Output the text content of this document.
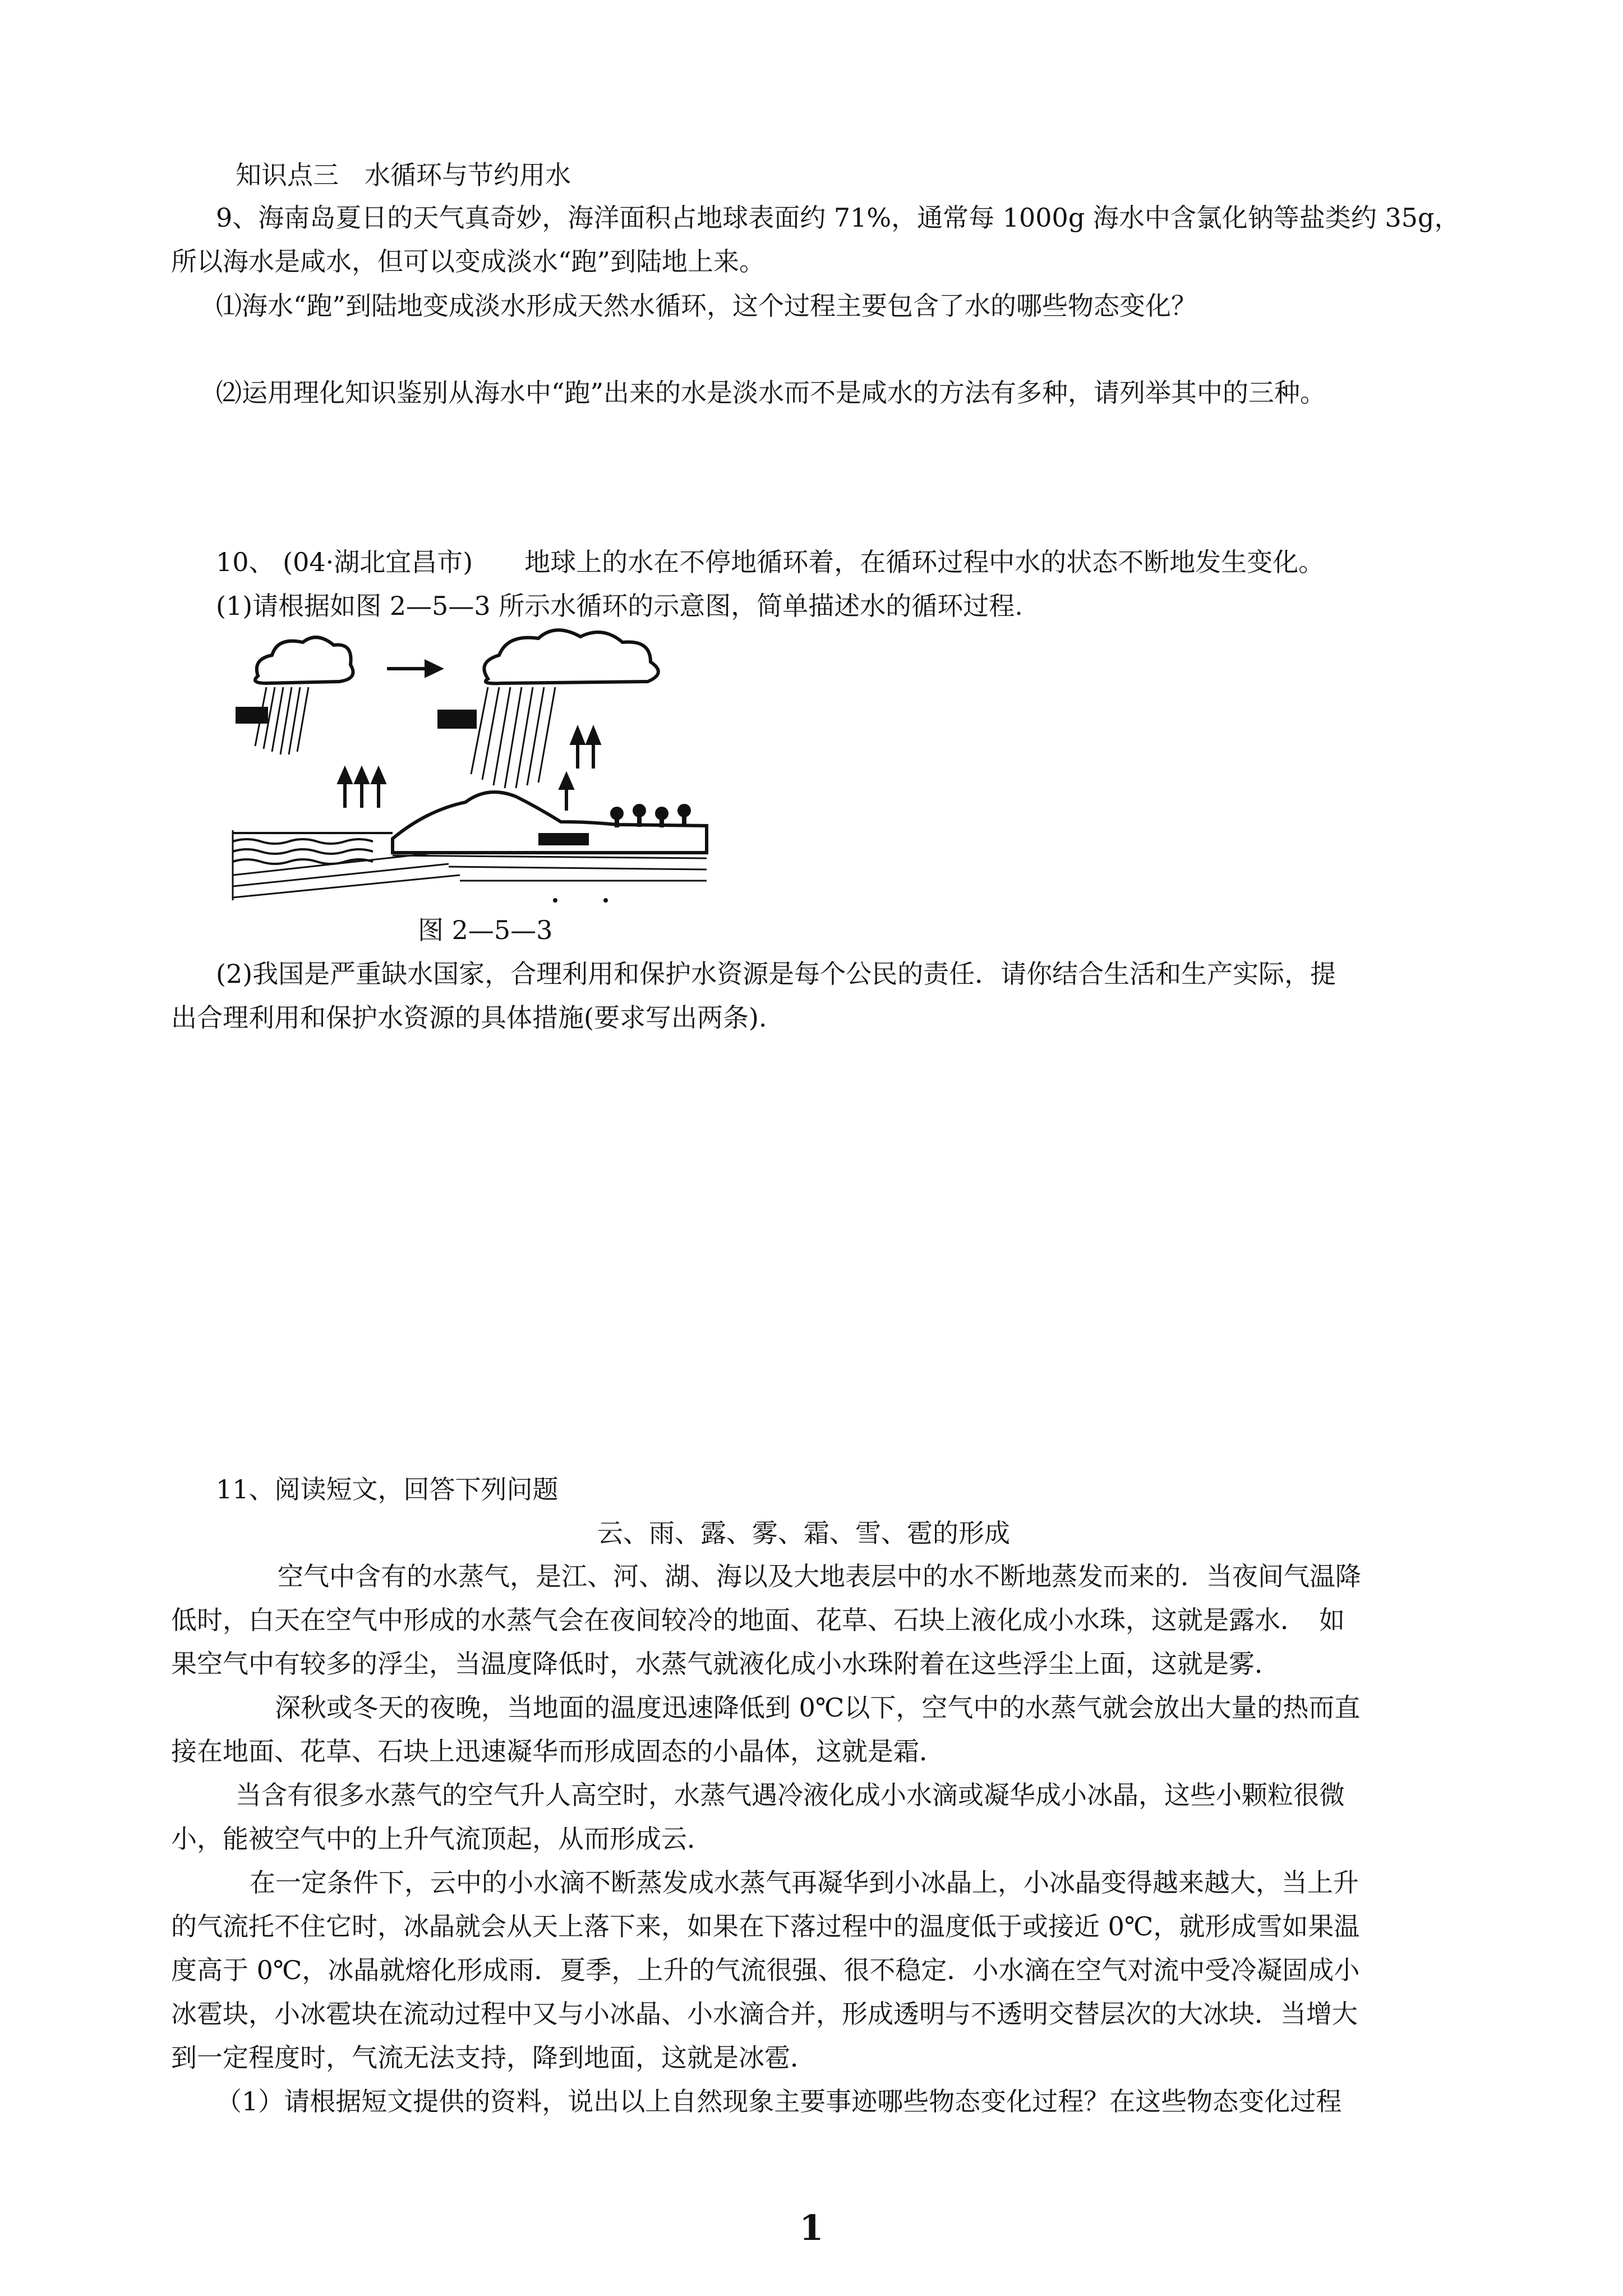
知识点三　水循环与节约用水
9、海南岛夏日的天气真奇妙，海洋面积占地球表面约 71%，通常每 1000g 海水中含氯化钠等盐类约 35g，
所以海水是咸水，但可以变成淡水“跑”到陆地上来。
⑴海水“跑”到陆地变成淡水形成天然水循环，这个过程主要包含了水的哪些物态变化？
⑵运用理化知识鉴别从海水中“跑”出来的水是淡水而不是咸水的方法有多种，请列举其中的三种。
10、 (04·湖北宜昌市)　　地球上的水在不停地循环着，在循环过程中水的状态不断地发生变化。
(1)请根据如图 2—5—3 所示水循环的示意图，简单描述水的循环过程.
图 2—5—3
(2)我国是严重缺水国家，合理利用和保护水资源是每个公民的责任．请你结合生活和生产实际，提
出合理利用和保护水资源的具体措施(要求写出两条).
11、阅读短文，回答下列问题
云、雨、露、雾、霜、雪、雹的形成
空气中含有的水蒸气，是江、河、湖、海以及大地表层中的水不断地蒸发而来的．当夜间气温降
低时，白天在空气中形成的水蒸气会在夜间较冷的地面、花草、石块上液化成小水珠，这就是露水．　如
果空气中有较多的浮尘，当温度降低时，水蒸气就液化成小水珠附着在这些浮尘上面，这就是雾．
深秋或冬天的夜晚，当地面的温度迅速降低到 0℃以下，空气中的水蒸气就会放出大量的热而直
接在地面、花草、石块上迅速凝华而形成固态的小晶体，这就是霜．
当含有很多水蒸气的空气升人高空时，水蒸气遇冷液化成小水滴或凝华成小冰晶，这些小颗粒很微
小，能被空气中的上升气流顶起，从而形成云．
在一定条件下，云中的小水滴不断蒸发成水蒸气再凝华到小冰晶上，小冰晶变得越来越大，当上升
的气流托不住它时，冰晶就会从天上落下来，如果在下落过程中的温度低于或接近 0℃，就形成雪如果温
度高于 0℃，冰晶就熔化形成雨．夏季，上升的气流很强、很不稳定．小水滴在空气对流中受冷凝固成小
冰雹块，小冰雹块在流动过程中又与小冰晶、小水滴合并，形成透明与不透明交替层次的大冰块．当增大
到一定程度时，气流无法支持，降到地面，这就是冰雹．
（1）请根据短文提供的资料，说出以上自然现象主要事迹哪些物态变化过程？在这些物态变化过程
1
